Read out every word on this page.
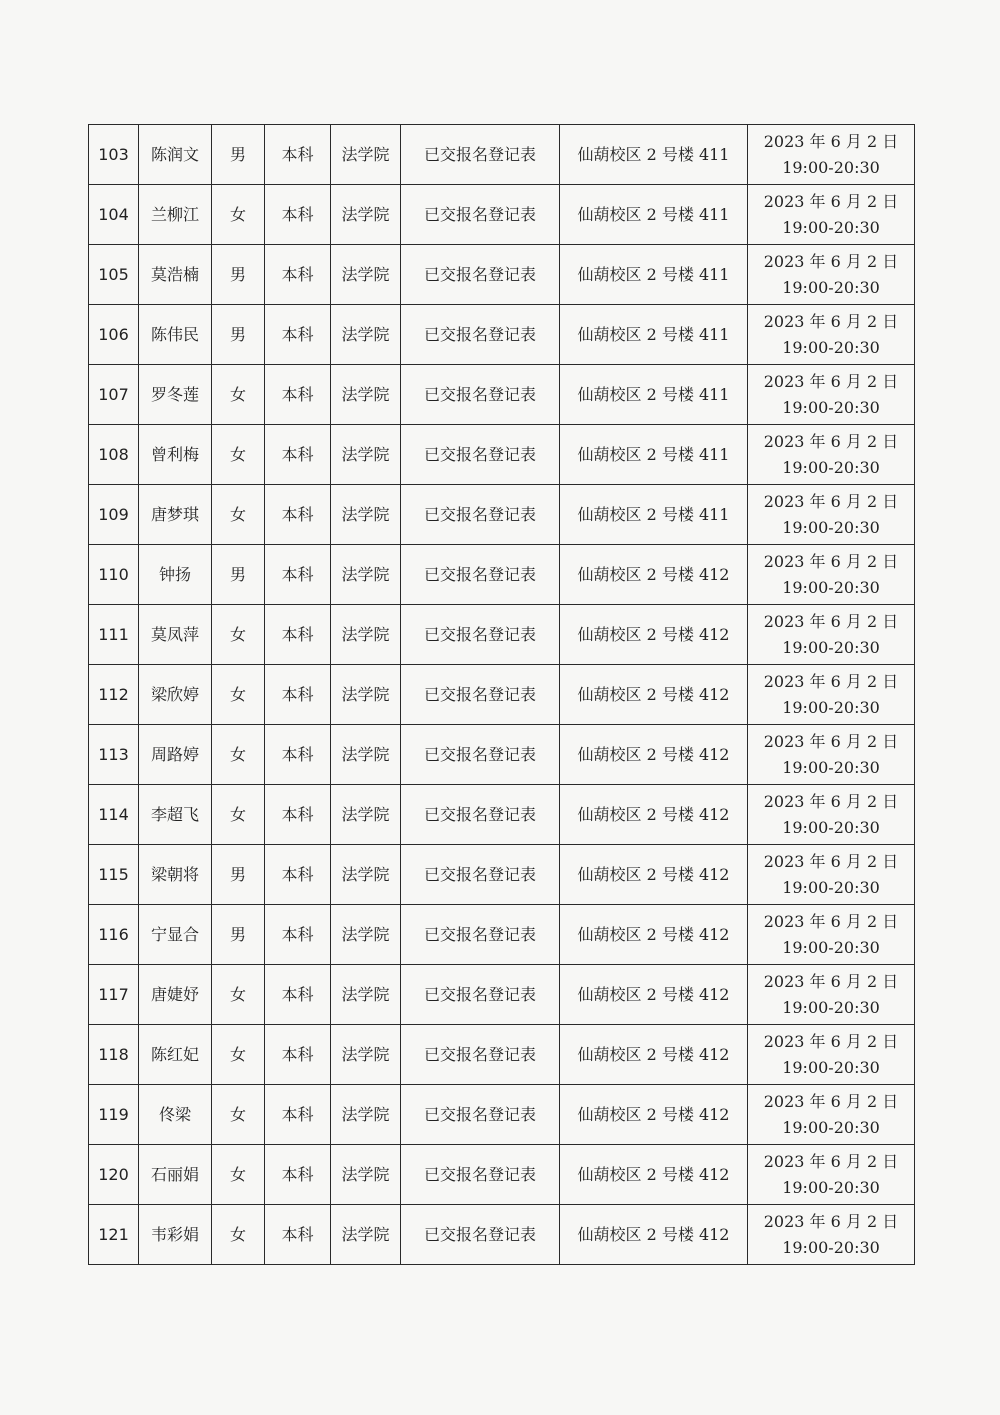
103	陈润文	男	本科	法学院	已交报名登记表	仙葫校区 2 号楼 411	2023 年 6 月 2 日
19:00-20:30

104	兰柳江	女	本科	法学院	已交报名登记表	仙葫校区 2 号楼 411	2023 年 6 月 2 日
19:00-20:30

105	莫浩楠	男	本科	法学院	已交报名登记表	仙葫校区 2 号楼 411	2023 年 6 月 2 日
19:00-20:30

106	陈伟民	男	本科	法学院	已交报名登记表	仙葫校区 2 号楼 411	2023 年 6 月 2 日
19:00-20:30

107	罗冬莲	女	本科	法学院	已交报名登记表	仙葫校区 2 号楼 411	2023 年 6 月 2 日
19:00-20:30

108	曾利梅	女	本科	法学院	已交报名登记表	仙葫校区 2 号楼 411	2023 年 6 月 2 日
19:00-20:30

109	唐梦琪	女	本科	法学院	已交报名登记表	仙葫校区 2 号楼 411	2023 年 6 月 2 日
19:00-20:30

110	钟扬	男	本科	法学院	已交报名登记表	仙葫校区 2 号楼 412	2023 年 6 月 2 日
19:00-20:30

111	莫凤萍	女	本科	法学院	已交报名登记表	仙葫校区 2 号楼 412	2023 年 6 月 2 日
19:00-20:30

112	梁欣婷	女	本科	法学院	已交报名登记表	仙葫校区 2 号楼 412	2023 年 6 月 2 日
19:00-20:30

113	周路婷	女	本科	法学院	已交报名登记表	仙葫校区 2 号楼 412	2023 年 6 月 2 日
19:00-20:30

114	李超飞	女	本科	法学院	已交报名登记表	仙葫校区 2 号楼 412	2023 年 6 月 2 日
19:00-20:30

115	梁朝将	男	本科	法学院	已交报名登记表	仙葫校区 2 号楼 412	2023 年 6 月 2 日
19:00-20:30

116	宁显合	男	本科	法学院	已交报名登记表	仙葫校区 2 号楼 412	2023 年 6 月 2 日
19:00-20:30

117	唐婕妤	女	本科	法学院	已交报名登记表	仙葫校区 2 号楼 412	2023 年 6 月 2 日
19:00-20:30

118	陈红妃	女	本科	法学院	已交报名登记表	仙葫校区 2 号楼 412	2023 年 6 月 2 日
19:00-20:30

119	佟梁	女	本科	法学院	已交报名登记表	仙葫校区 2 号楼 412	2023 年 6 月 2 日
19:00-20:30

120	石丽娟	女	本科	法学院	已交报名登记表	仙葫校区 2 号楼 412	2023 年 6 月 2 日
19:00-20:30

121	韦彩娟	女	本科	法学院	已交报名登记表	仙葫校区 2 号楼 412	2023 年 6 月 2 日
19:00-20:30
